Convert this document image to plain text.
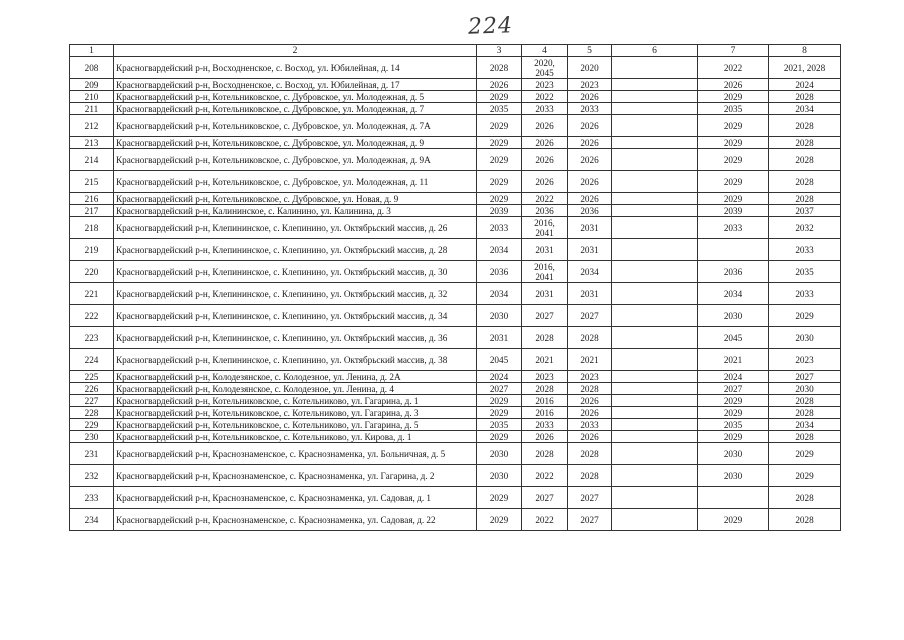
224
1	2	3	4	5	6	7	8
208	Красногвардейский р-н, Восходненское, с. Восход, ул. Юбилейная, д. 14	2028	2020, 2045	2020		2022	2021, 2028
209	Красногвардейский р-н, Восходненское, с. Восход, ул. Юбилейная, д. 17	2026	2023	2023		2026	2024
210	Красногвардейский р-н, Котельниковское, с. Дубровское, ул. Молодежная, д. 5	2029	2022	2026		2029	2028
211	Красногвардейский р-н, Котельниковское, с. Дубровское, ул. Молодежная, д. 7	2035	2033	2033		2035	2034
212	Красногвардейский р-н, Котельниковское, с. Дубровское, ул. Молодежная, д. 7А	2029	2026	2026		2029	2028
213	Красногвардейский р-н, Котельниковское, с. Дубровское, ул. Молодежная, д. 9	2029	2026	2026		2029	2028
214	Красногвардейский р-н, Котельниковское, с. Дубровское, ул. Молодежная, д. 9А	2029	2026	2026		2029	2028
215	Красногвардейский р-н, Котельниковское, с. Дубровское, ул. Молодежная, д. 11	2029	2026	2026		2029	2028
216	Красногвардейский р-н, Котельниковское, с. Дубровское, ул. Новая, д. 9	2029	2022	2026		2029	2028
217	Красногвардейский р-н, Калининское, с. Калинино, ул. Калинина, д. 3	2039	2036	2036		2039	2037
218	Красногвардейский р-н, Клепининское, с. Клепинино, ул. Октябрьский массив, д. 26	2033	2016, 2041	2031		2033	2032
219	Красногвардейский р-н, Клепининское, с. Клепинино, ул. Октябрьский массив, д. 28	2034	2031	2031			2033
220	Красногвардейский р-н, Клепининское, с. Клепинино, ул. Октябрьский массив, д. 30	2036	2016, 2041	2034		2036	2035
221	Красногвардейский р-н, Клепининское, с. Клепинино, ул. Октябрьский массив, д. 32	2034	2031	2031		2034	2033
222	Красногвардейский р-н, Клепининское, с. Клепинино, ул. Октябрьский массив, д. 34	2030	2027	2027		2030	2029
223	Красногвардейский р-н, Клепининское, с. Клепинино, ул. Октябрьский массив, д. 36	2031	2028	2028		2045	2030
224	Красногвардейский р-н, Клепининское, с. Клепинино, ул. Октябрьский массив, д. 38	2045	2021	2021		2021	2023
225	Красногвардейский р-н, Колодезянское, с. Колодезное, ул. Ленина, д. 2А	2024	2023	2023		2024	2027
226	Красногвардейский р-н, Колодезянское, с. Колодезное, ул. Ленина, д. 4	2027	2028	2028		2027	2030
227	Красногвардейский р-н, Котельниковское, с. Котельниково, ул. Гагарина, д. 1	2029	2016	2026		2029	2028
228	Красногвардейский р-н, Котельниковское, с. Котельниково, ул. Гагарина, д. 3	2029	2016	2026		2029	2028
229	Красногвардейский р-н, Котельниковское, с. Котельниково, ул. Гагарина, д. 5	2035	2033	2033		2035	2034
230	Красногвардейский р-н, Котельниковское, с. Котельниково, ул. Кирова, д. 1	2029	2026	2026		2029	2028
231	Красногвардейский р-н, Краснознаменское, с. Краснознаменка, ул. Больничная, д. 5	2030	2028	2028		2030	2029
232	Красногвардейский р-н, Краснознаменское, с. Краснознаменка, ул. Гагарина, д. 2	2030	2022	2028		2030	2029
233	Красногвардейский р-н, Краснознаменское, с. Краснознаменка, ул. Садовая, д. 1	2029	2027	2027			2028
234	Красногвардейский р-н, Краснознаменское, с. Краснознаменка, ул. Садовая, д. 22	2029	2022	2027		2029	2028
